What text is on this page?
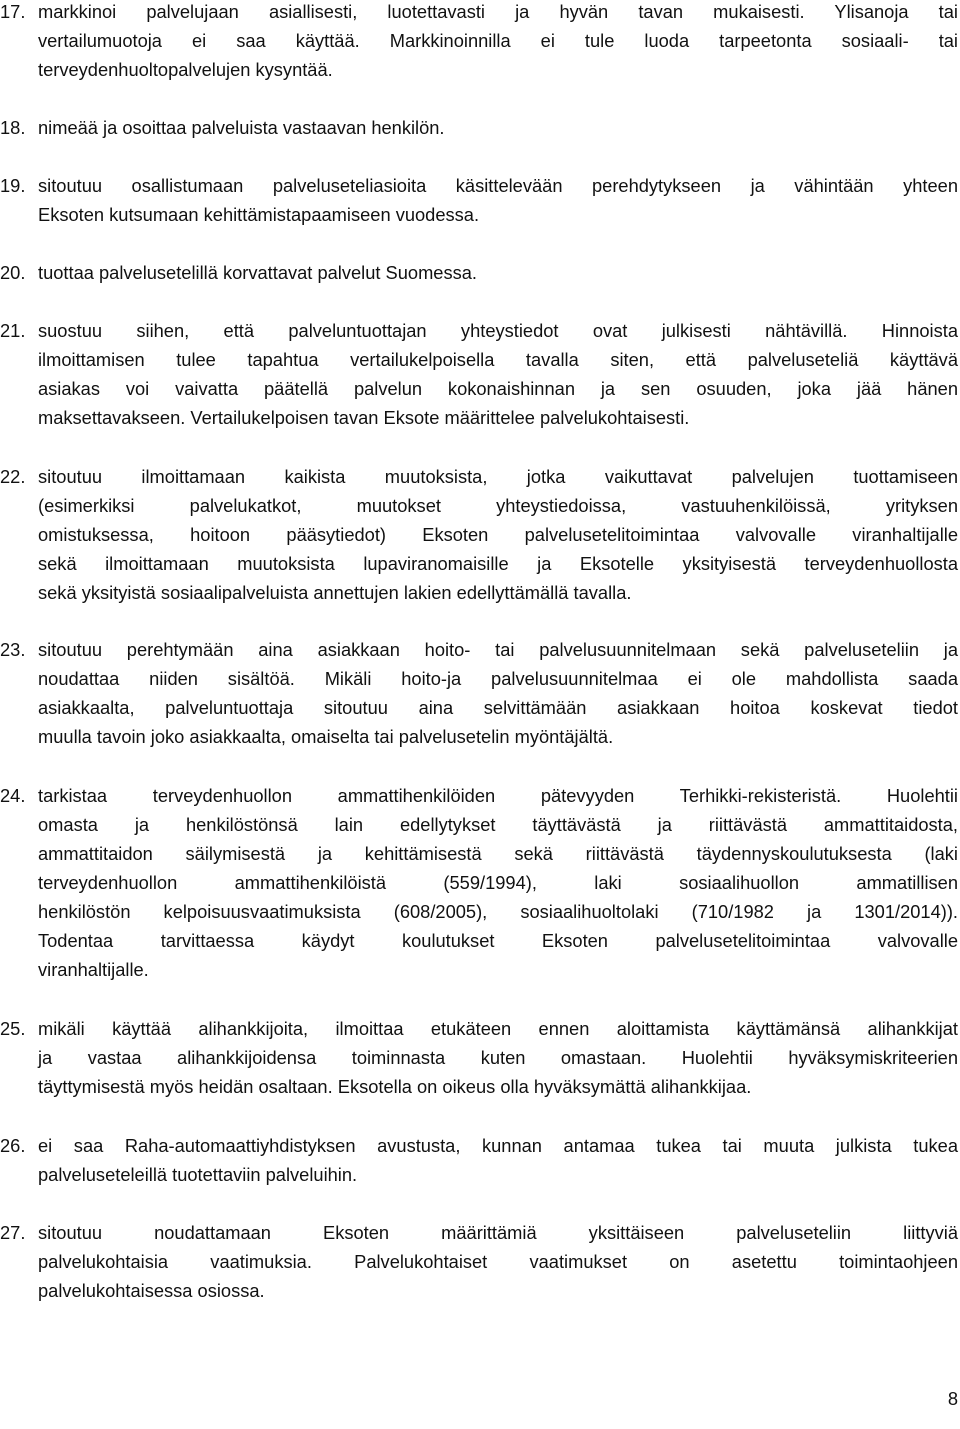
17. markkinoi palvelujaan asiallisesti, luotettavasti ja hyvän tavan mukaisesti. Ylisanoja tai
vertailumuotoja ei saa käyttää. Markkinoinnilla ei tule luoda tarpeetonta sosiaali- tai
terveydenhuoltopalvelujen kysyntää.
18. nimeää ja osoittaa palveluista vastaavan henkilön.
19. sitoutuu osallistumaan palveluseteliasioita käsittelevään perehdytykseen ja vähintään yhteen
Eksoten kutsumaan kehittämistapaamiseen vuodessa.
20. tuottaa palvelusetelillä korvattavat palvelut Suomessa.
21. suostuu siihen, että palveluntuottajan yhteystiedot ovat julkisesti nähtävillä. Hinnoista
ilmoittamisen tulee tapahtua vertailukelpoisella tavalla siten, että palveluseteliä käyttävä
asiakas voi vaivatta päätellä palvelun kokonaishinnan ja sen osuuden, joka jää hänen
maksettavakseen. Vertailukelpoisen tavan Eksote määrittelee palvelukohtaisesti.
22. sitoutuu ilmoittamaan kaikista muutoksista, jotka vaikuttavat palvelujen tuottamiseen
(esimerkiksi palvelukatkot, muutokset yhteystiedoissa, vastuuhenkilöissä, yrityksen
omistuksessa, hoitoon pääsytiedot) Eksoten palvelusetelitoimintaa valvovalle viranhaltijalle
sekä ilmoittamaan muutoksista lupaviranomaisille ja Eksotelle yksityisestä terveydenhuollosta
sekä yksityistä sosiaalipalveluista annettujen lakien edellyttämällä tavalla.
23. sitoutuu perehtymään aina asiakkaan hoito- tai palvelusuunnitelmaan sekä palveluseteliin ja
noudattaa niiden sisältöä. Mikäli hoito-ja palvelusuunnitelmaa ei ole mahdollista saada
asiakkaalta, palveluntuottaja sitoutuu aina selvittämään asiakkaan hoitoa koskevat tiedot
muulla tavoin joko asiakkaalta, omaiselta tai palvelusetelin myöntäjältä.
24. tarkistaa terveydenhuollon ammattihenkilöiden pätevyyden Terhikki-rekisteristä. Huolehtii
omasta ja henkilöstönsä lain edellytykset täyttävästä ja riittävästä ammattitaidosta,
ammattitaidon säilymisestä ja kehittämisestä sekä riittävästä täydennyskoulutuksesta (laki
terveydenhuollon ammattihenkilöistä (559/1994), laki sosiaalihuollon ammatillisen
henkilöstön kelpoisuusvaatimuksista (608/2005), sosiaalihuoltolaki (710/1982 ja 1301/2014)).
Todentaa tarvittaessa käydyt koulutukset Eksoten palvelusetelitoimintaa valvovalle
viranhaltijalle.
25. mikäli käyttää alihankkijoita, ilmoittaa etukäteen ennen aloittamista käyttämänsä alihankkijat
ja vastaa alihankkijoidensa toiminnasta kuten omastaan. Huolehtii hyväksymiskriteerien
täyttymisestä myös heidän osaltaan. Eksotella on oikeus olla hyväksymättä alihankkijaa.
26. ei saa Raha-automaattiyhdistyksen avustusta, kunnan antamaa tukea tai muuta julkista tukea
palveluseteleillä tuotettaviin palveluihin.
27. sitoutuu noudattamaan Eksoten määrittämiä yksittäiseen palveluseteliin liittyviä
palvelukohtaisia vaatimuksia. Palvelukohtaiset vaatimukset on asetettu toimintaohjeen
palvelukohtaisessa osiossa.
8
